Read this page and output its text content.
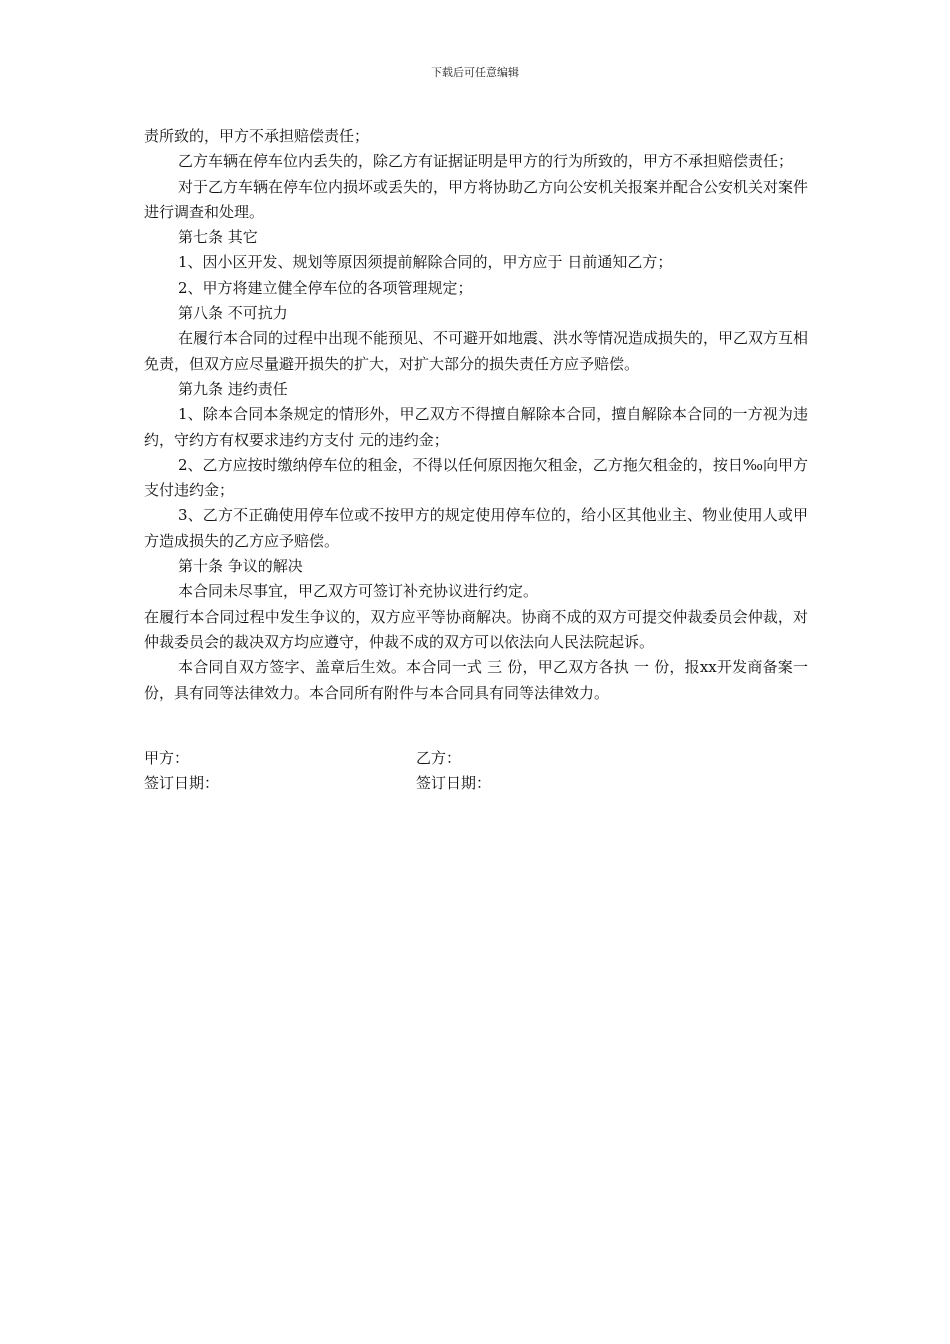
下载后可任意编辑

责所致的，甲方不承担赔偿责任；

乙方车辆在停车位内丢失的，除乙方有证据证明是甲方的行为所致的，甲方不承担赔偿责任；

对于乙方车辆在停车位内损坏或丢失的，甲方将协助乙方向公安机关报案并配合公安机关对案件进行调查和处理。

第七条 其它

1、因小区开发、规划等原因须提前解除合同的，甲方应于 日前通知乙方；

2、甲方将建立健全停车位的各项管理规定；

第八条 不可抗力

在履行本合同的过程中出现不能预见、不可避开如地震、洪水等情况造成损失的，甲乙双方互相免责，但双方应尽量避开损失的扩大，对扩大部分的损失责任方应予赔偿。

第九条 违约责任

1、除本合同本条规定的情形外，甲乙双方不得擅自解除本合同，擅自解除本合同的一方视为违约，守约方有权要求违约方支付 元的违约金；

2、乙方应按时缴纳停车位的租金，不得以任何原因拖欠租金，乙方拖欠租金的，按日‰向甲方支付违约金；

3、乙方不正确使用停车位或不按甲方的规定使用停车位的，给小区其他业主、物业使用人或甲方造成损失的乙方应予赔偿。

第十条 争议的解决

本合同未尽事宜，甲乙双方可签订补充协议进行约定。

在履行本合同过程中发生争议的，双方应平等协商解决。协商不成的双方可提交仲裁委员会仲裁，对仲裁委员会的裁决双方均应遵守，仲裁不成的双方可以依法向人民法院起诉。

本合同自双方签字、盖章后生效。本合同一式 三 份，甲乙双方各执 一 份，报xx开发商备案一份，具有同等法律效力。本合同所有附件与本合同具有同等法律效力。

甲方：	乙方：
签订日期：	签订日期：
